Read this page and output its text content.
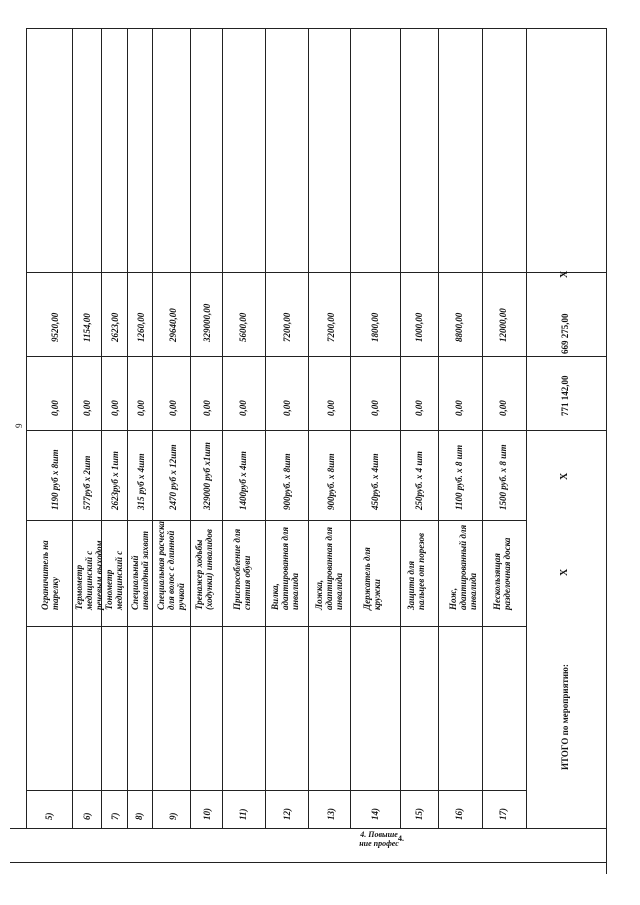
9
5)
Ограничитель на тарелку
1190 руб х 8шт
0,00
9520,00
6)
Термометр медицинский с речевым выходом
577руб х 2шт
0,00
1154,00
7)
Тонометр медицинский с
2623руб х 1шт
0,00
2623,00
8)
Специальный инвалидный захват
315 руб х 4шт
0,00
1260,00
9)
Специальная расческа для волос с длинной ручкой
2470 руб х 12шт
0,00
29640,00
10)
Тренажер ходьбы (ходунки) инвалидов
329000 руб х1шт
0,00
329000,00
11)
Приспособление для снятия обуви
1400руб х 4шт
0,00
5600,00
12)
Вилка, адаптированная для инвалида
900руб. х 8шт
0,00
7200,00
13)
Ложка, адаптированная для инвалида
900руб. х 8шт
0,00
7200,00
14)
Держатель для кружки
450руб. х 4шт
0,00
1800,00
15)
Защита для пальцев от порезов
250руб. х 4 шт
0,00
1000,00
16)
Нож, адаптированный для инвалида
1100 руб. х 8 шт
0,00
8800,00
17)
Нескользящая разделочная доска
1500 руб. х 8 шт
0,00
12000,00
4. Повыше ние профес
4.
ИТОГО по мероприятию:
Х
Х
771 142,00
669 275,00
Х
